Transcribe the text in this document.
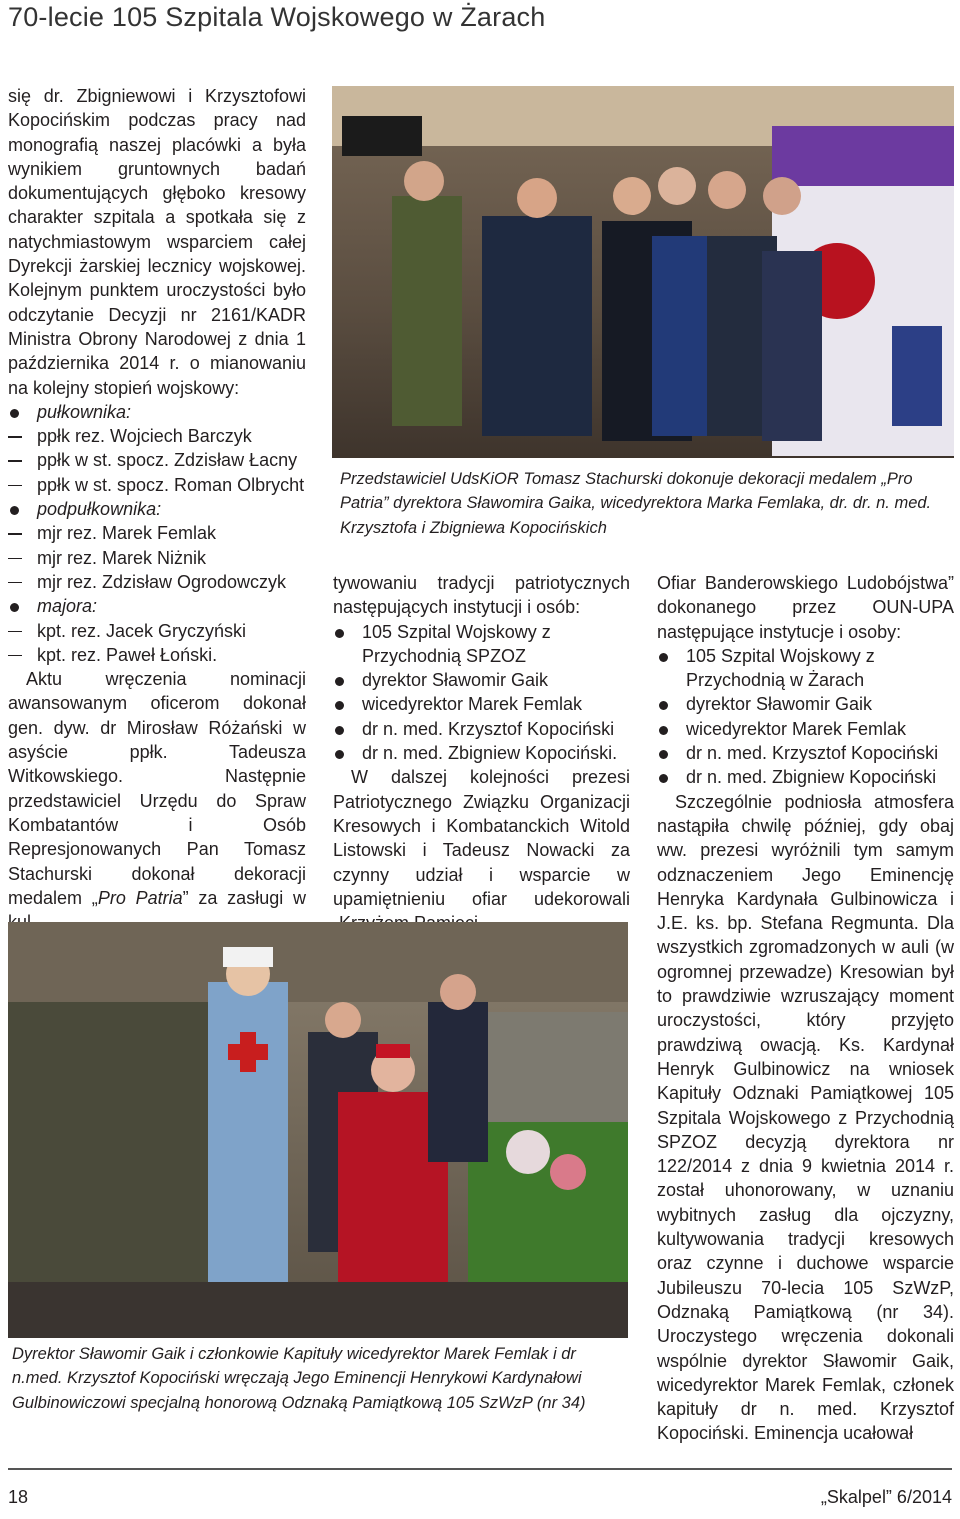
70-lecie 105 Szpitala Wojskowego w Żarach

się dr. Zbigniewowi i Krzysztofowi Kopocińskim podczas pracy nad monografią naszej placówki a była wynikiem gruntownych badań dokumentujących głęboko kresowy charakter szpitala a spotkała się z natychmiastowym wsparciem całej Dyrekcji żarskiej lecznicy wojskowej. Kolejnym punktem uroczystości było odczytanie Decyzji nr 2161/KADR Ministra Obrony Narodowej z dnia 1 października 2014 r. o mianowaniu na kolejny stopień wojskowy:

pułkownika:
ppłk rez. Wojciech Barczyk
ppłk w st. spocz. Zdzisław Łacny
ppłk w st. spocz. Roman Olbrycht
podpułkownika:
mjr rez. Marek Femlak
mjr rez. Marek Niżnik
mjr rez. Zdzisław Ogrodowczyk
majora:
kpt. rez. Jacek Gryczyński
kpt. rez. Paweł Łoński.

Aktu wręczenia nominacji awansowanym oficerom dokonał gen. dyw. dr Mirosław Różański w asyście ppłk. Tadeusza Witkowskiego. Następnie przedstawiciel Urzędu do Spraw Kombatantów i Osób Represjonowanych Pan Tomasz Stachurski dokonał dekoracji medalem „Pro Patria” za zasługi w

Przedstawiciel UdsKiOR Tomasz Stachurski dokonuje dekoracji medalem „Pro Patria” dyrektora Sławomira Gaika, wicedyrektora Marka Femlaka, dr. dr. n. med. Krzysztofa i Zbigniewa Kopocińskich

tywowaniu tradycji patriotycznych następujących instytucji i osób:

105 Szpital Wojskowy z Przychodnią SPZOZ
dyrektor Sławomir Gaik
wicedyrektor Marek Femlak
dr n. med. Krzysztof Kopociński
dr n. med. Zbigniew Kopociński.

W dalszej kolejności prezesi Patriotycznego Związku Organizacji Kresowych i Kombatanckich Witold Listowski i Tadeusz Nowacki za czynny udział i wsparcie w upamiętnieniu ofiar udekorowali

Ofiar Banderowskiego Ludobójstwa” dokonanego przez OUN-UPA następujące instytucje i osoby:

105 Szpital Wojskowy z Przychodnią w Żarach
dyrektor Sławomir Gaik
wicedyrektor Marek Femlak
dr n. med. Krzysztof Kopociński
dr n. med. Zbigniew Kopociński

Szczególnie podniosła atmosfera nastąpiła chwilę później, gdy obaj ww. prezesi wyróżnili tym samym odznaczeniem Jego Eminencję Henryka Kardynała Gulbinowicza i J.E. ks. bp. Stefana Regmunta. Dla wszystkich zgromadzonych w auli (w ogromnej przewadze) Kresowian był to prawdziwie wzruszający moment uroczystości, który przyjęto prawdziwą owacją. Ks. Kardynał Henryk Gulbinowicz na wniosek Kapituły Odznaki Pamiątkowej 105 Szpitala Wojskowego z Przychodnią SPZOZ decyzją dyrektora nr 122/2014 z dnia 9 kwietnia 2014 r. został uhonorowany, w uznaniu wybitnych zasług dla ojczyzny, kultywowania tradycji kresowych oraz czynne i duchowe wsparcie Jubileuszu 70-lecia 105 SzWzP, Odznaką Pamiątkową (nr 34). Uroczystego wręczenia dokonali wspólnie dyrektor Sławomir Gaik, wicedyrektor Marek Femlak, członek kapituły dr n. med. Krzysztof Kopociński. Eminencja ucałował

Dyrektor Sławomir Gaik i członkowie Kapituły wicedyrektor Marek Femlak i dr n.med. Krzysztof Kopociński wręczają Jego Eminencji Henrykowi Kardynałowi Gulbinowiczowi specjalną honorową Odznaką Pamiątkową 105 SzWzP (nr 34)
18	„Skalpel” 6/2014
